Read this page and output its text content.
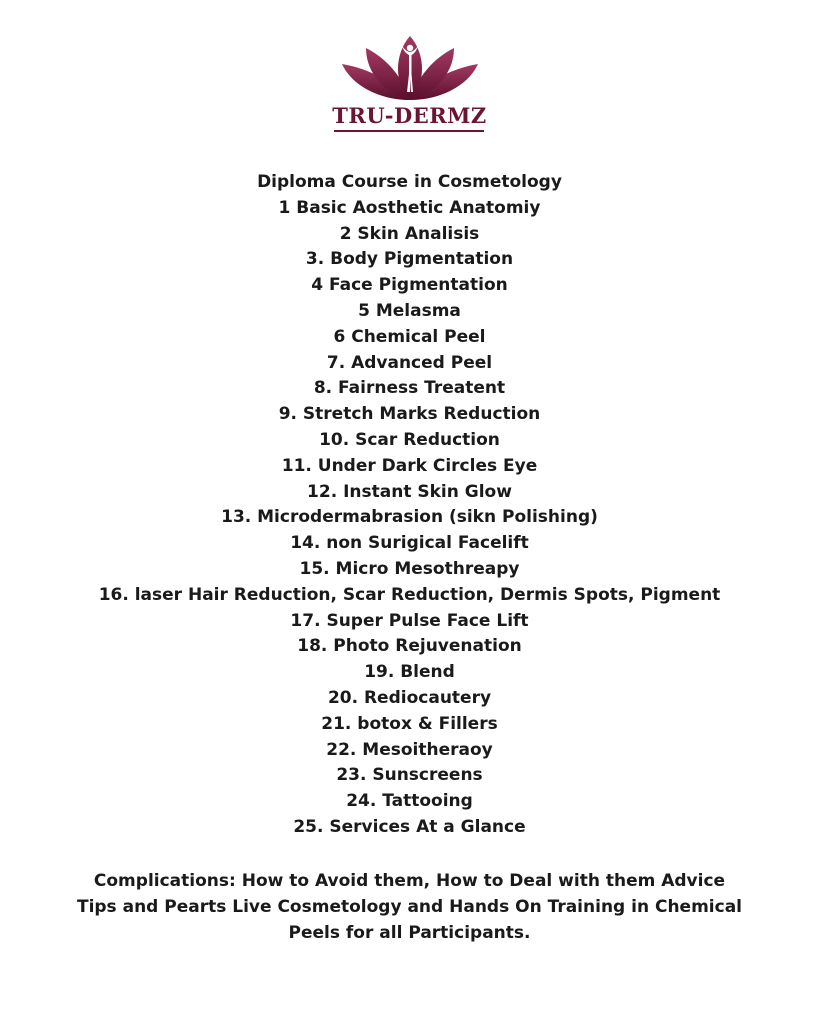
TRU-DERMZ
Diploma Course in Cosmetology
1 Basic Aosthetic Anatomiy
2 Skin Analisis
3. Body Pigmentation
4 Face Pigmentation
5 Melasma
6 Chemical Peel
7. Advanced Peel
8. Fairness Treatent
9. Stretch Marks Reduction
10. Scar Reduction
11. Under Dark Circles Eye
12. Instant Skin Glow
13. Microdermabrasion (sikn Polishing)
14. non Surigical Facelift
15. Micro Mesothreapy
16. laser Hair Reduction, Scar Reduction, Dermis Spots, Pigment
17. Super Pulse Face Lift
18. Photo Rejuvenation
19. Blend
20. Rediocautery
21. botox & Fillers
22. Mesoitheraoy
23. Sunscreens
24. Tattooing
25. Services At a Glance
Complications: How to Avoid them, How to Deal with them Advice
Tips and Pearts Live Cosmetology and Hands On Training in Chemical
Peels for all Participants.
